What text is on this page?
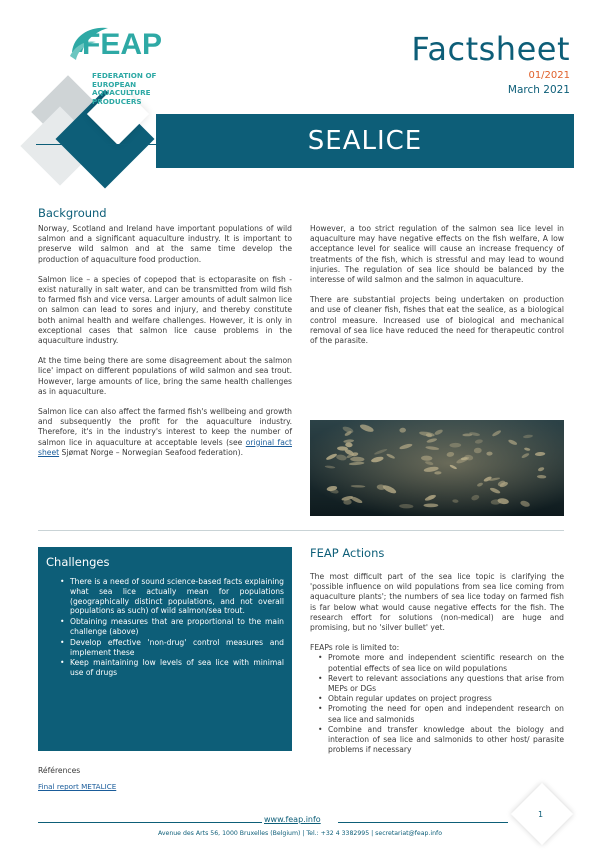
FEAP
FEDERATION OF
EUROPEAN
AQUACULTURE
PRODUCERS
Factsheet
01/2021
March 2021
SEALICE
Background

Norway, Scotland and Ireland have important populations of wild salmon and a significant aquaculture industry. It is important to preserve wild salmon and at the same time develop the production of aquaculture food production.

Salmon lice – a species of copepod that is ectoparasite on fish - exist naturally in salt water, and can be transmitted from wild fish to farmed fish and vice versa. Larger amounts of adult salmon lice on salmon can lead to sores and injury, and thereby constitute both animal health and welfare challenges. However, it is only in exceptional cases that salmon lice cause problems in the aquaculture industry.

At the time being there are some disagreement about the salmon lice' impact on different populations of wild salmon and sea trout. However, large amounts of lice, bring the same health challenges as in aquaculture.

Salmon lice can also affect the farmed fish's wellbeing and growth and subsequently the profit for the aquaculture industry. Therefore, it's in the industry's interest to keep the number of salmon lice in aquaculture at acceptable levels (see original fact sheet Sjømat Norge – Norwegian Seafood federation).

However, a too strict regulation of the salmon sea lice level in aquaculture may have negative effects on the fish welfare, A low acceptance level for sealice will cause an increase frequency of treatments of the fish, which is stressful and may lead to wound injuries. The regulation of sea lice should be balanced by the interesse of wild salmon and the salmon in aquaculture.

There are substantial projects being undertaken on production and use of cleaner fish, fishes that eat the sealice, as a biological control measure. Increased use of biological and mechanical removal of sea lice have reduced the need for therapeutic control of the parasite.

Challenges
• There is a need of sound science-based facts explaining what sea lice actually mean for populations (geographically distinct populations, and not overall populations as such) of wild salmon/sea trout.
• Obtaining measures that are proportional to the main challenge (above)
• Develop effective 'non-drug' control measures and implement these
• Keep maintaining low levels of sea lice with minimal use of drugs
Références
Final report METALICE
FEAP Actions

The most difficult part of the sea lice topic is clarifying the 'possible influence on wild populations from sea lice coming from aquaculture plants'; the numbers of sea lice today on farmed fish is far below what would cause negative effects for the fish. The research effort for solutions (non-medical) are huge and promising, but no 'silver bullet' yet.

FEAPs role is limited to:
• Promote more and independent scientific research on the potential effects of sea lice on wild populations
• Revert to relevant associations any questions that arise from MEPs or DGs
• Obtain regular updates on project progress
• Promoting the need for open and independent research on sea lice and salmonids
• Combine and transfer knowledge about the biology and interaction of sea lice and salmonids to other host/ parasite problems if necessary
www.feap.info
1
Avenue des Arts 56, 1000 Bruxelles (Belgium) | Tel.: +32 4 3382995 | secretariat@feap.info
